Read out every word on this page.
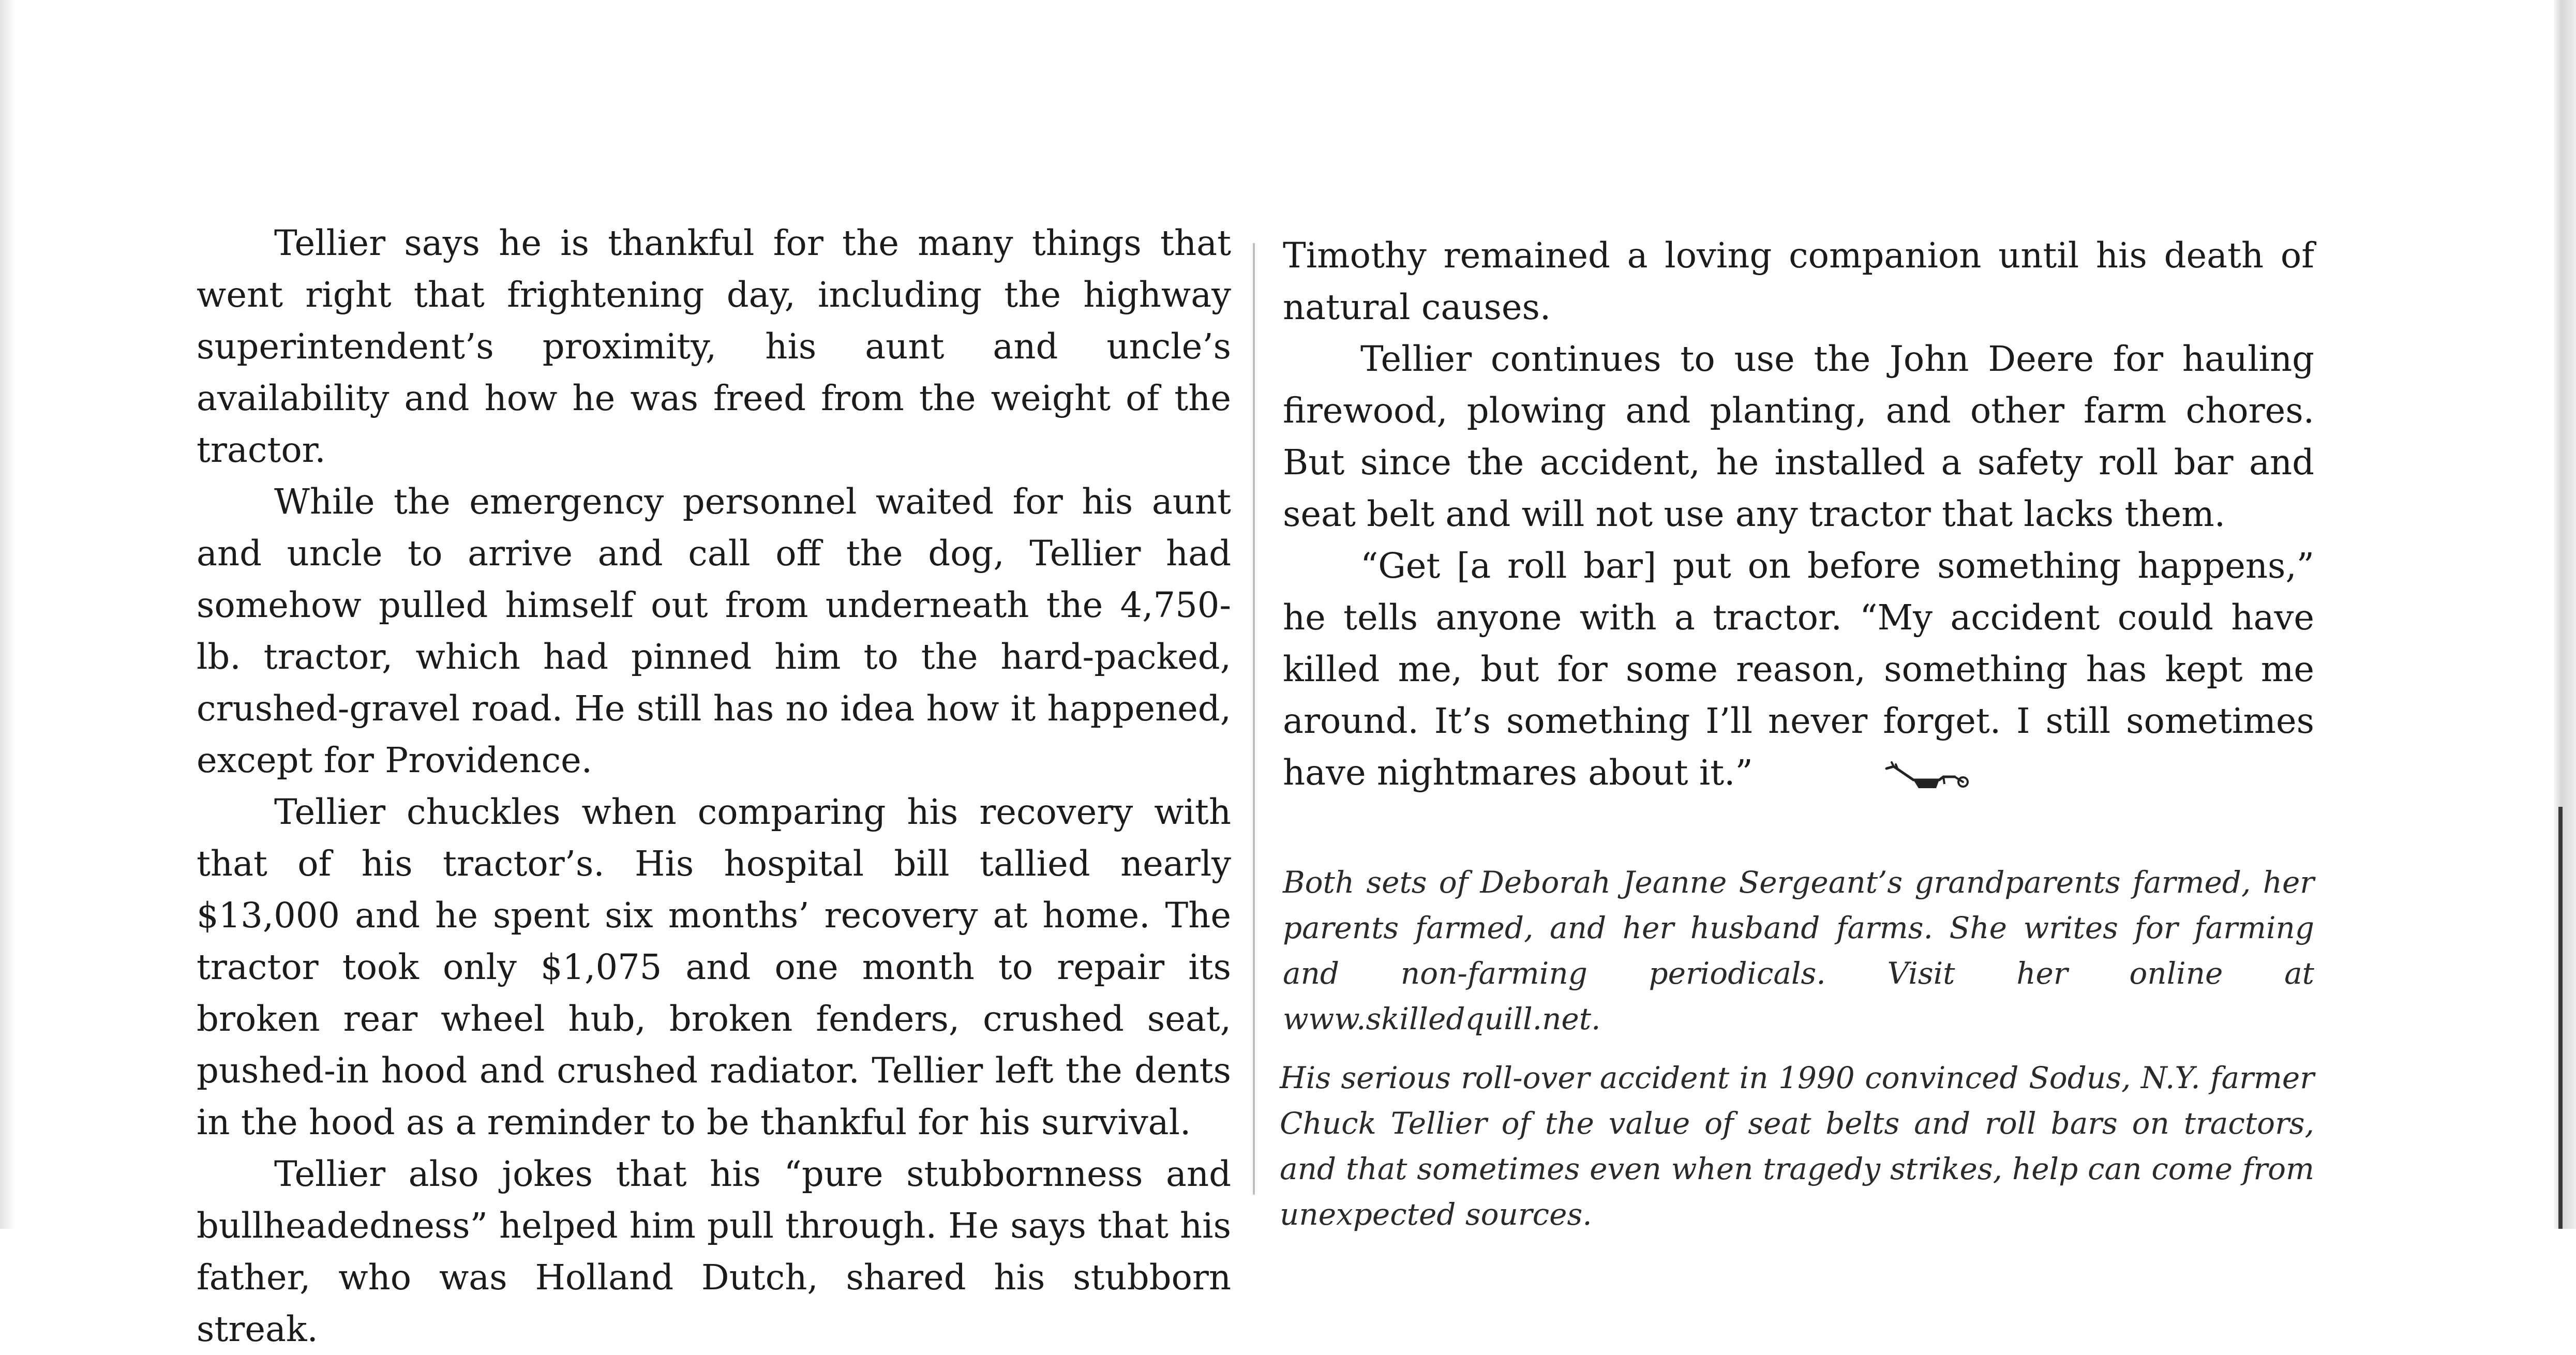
Tellier says he is thankful for the many things that went right that frightening day, including the highway superintendent’s proximity, his aunt and uncle’s availability and how he was freed from the weight of the tractor.

While the emergency personnel waited for his aunt and uncle to arrive and call off the dog, Tellier had somehow pulled himself out from underneath the 4,750-lb. tractor, which had pinned him to the hard-packed, crushed-gravel road. He still has no idea how it happened, except for Providence.

Tellier chuckles when comparing his recovery with that of his tractor’s. His hospital bill tallied nearly $13,000 and he spent six months’ recovery at home. The tractor took only $1,075 and one month to repair its broken rear wheel hub, broken fenders, crushed seat, pushed-in hood and crushed radiator. Tellier left the dents in the hood as a reminder to be thankful for his survival.

Tellier also jokes that his “pure stubbornness and bullheadedness” helped him pull through. He says that his father, who was Holland Dutch, shared his stubborn streak.

Timothy remained a loving companion until his death of natural causes.

Tellier continues to use the John Deere for hauling firewood, plowing and planting, and other farm chores. But since the accident, he installed a safety roll bar and seat belt and will not use any tractor that lacks them.

“Get [a roll bar] put on before something happens,” he tells anyone with a tractor. “My accident could have killed me, but for some reason, something has kept me around. It’s something I’ll never forget. I still sometimes have nightmares about it.”

Both sets of Deborah Jeanne Sergeant’s grandparents farmed, her parents farmed, and her husband farms. She writes for farming and non-farming periodicals. Visit her online at www.skilledquill.net.

His serious roll-over accident in 1990 convinced Sodus, N.Y. farmer Chuck Tellier of the value of seat belts and roll bars on tractors, and that sometimes even when tragedy strikes, help can come from unexpected sources.
